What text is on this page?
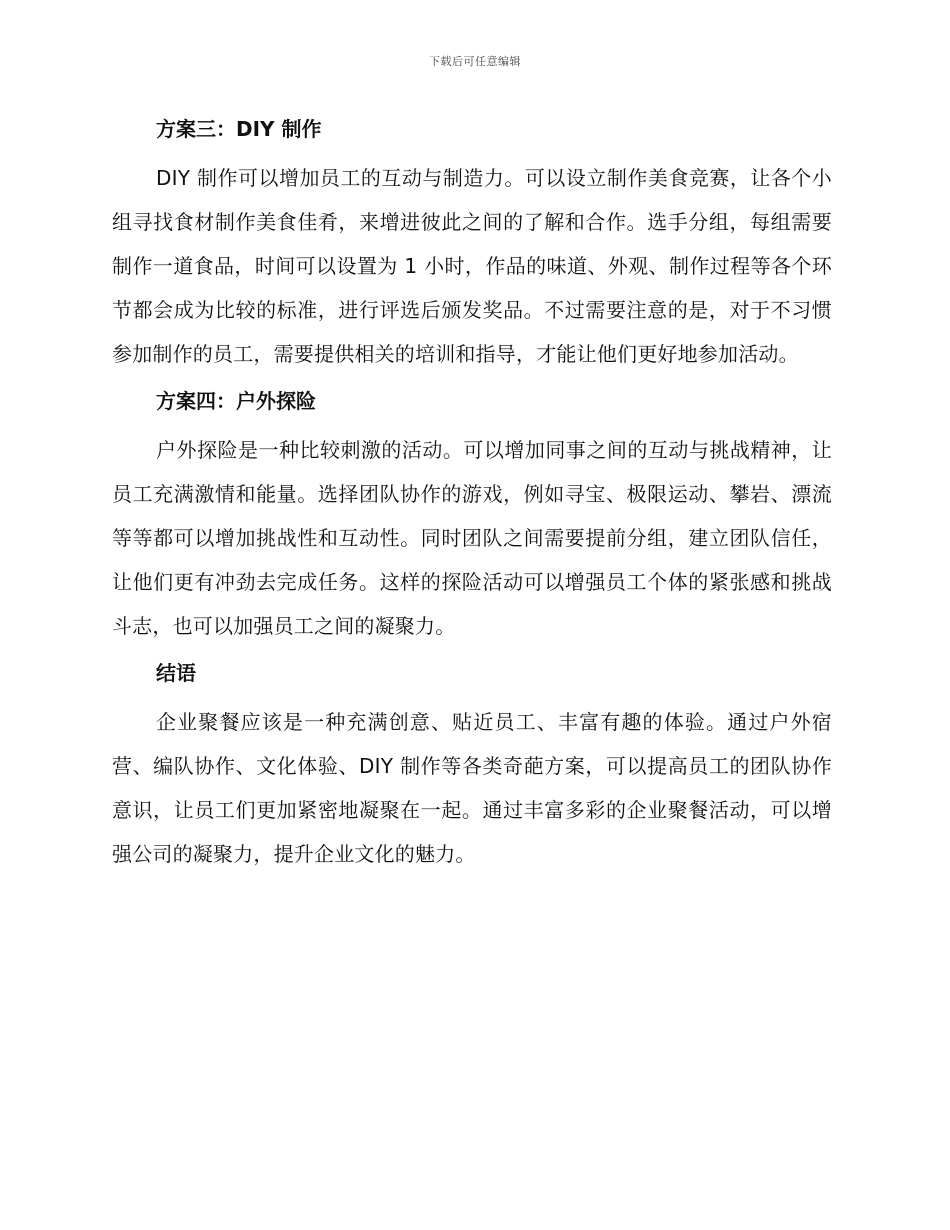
下载后可任意编辑
方案三：DIY 制作

DIY 制作可以增加员工的互动与制造力。可以设立制作美食竞赛，让各个小组寻找食材制作美食佳肴，来增进彼此之间的了解和合作。选手分组，每组需要制作一道食品，时间可以设置为 1 小时，作品的味道、外观、制作过程等各个环节都会成为比较的标准，进行评选后颁发奖品。不过需要注意的是，对于不习惯参加制作的员工，需要提供相关的培训和指导，才能让他们更好地参加活动。

方案四：户外探险

户外探险是一种比较刺激的活动。可以增加同事之间的互动与挑战精神，让员工充满激情和能量。选择团队协作的游戏，例如寻宝、极限运动、攀岩、漂流等等都可以增加挑战性和互动性。同时团队之间需要提前分组，建立团队信任，让他们更有冲劲去完成任务。这样的探险活动可以增强员工个体的紧张感和挑战斗志，也可以加强员工之间的凝聚力。

结语

企业聚餐应该是一种充满创意、贴近员工、丰富有趣的体验。通过户外宿营、编队协作、文化体验、DIY 制作等各类奇葩方案，可以提高员工的团队协作意识，让员工们更加紧密地凝聚在一起。通过丰富多彩的企业聚餐活动，可以增强公司的凝聚力，提升企业文化的魅力。
